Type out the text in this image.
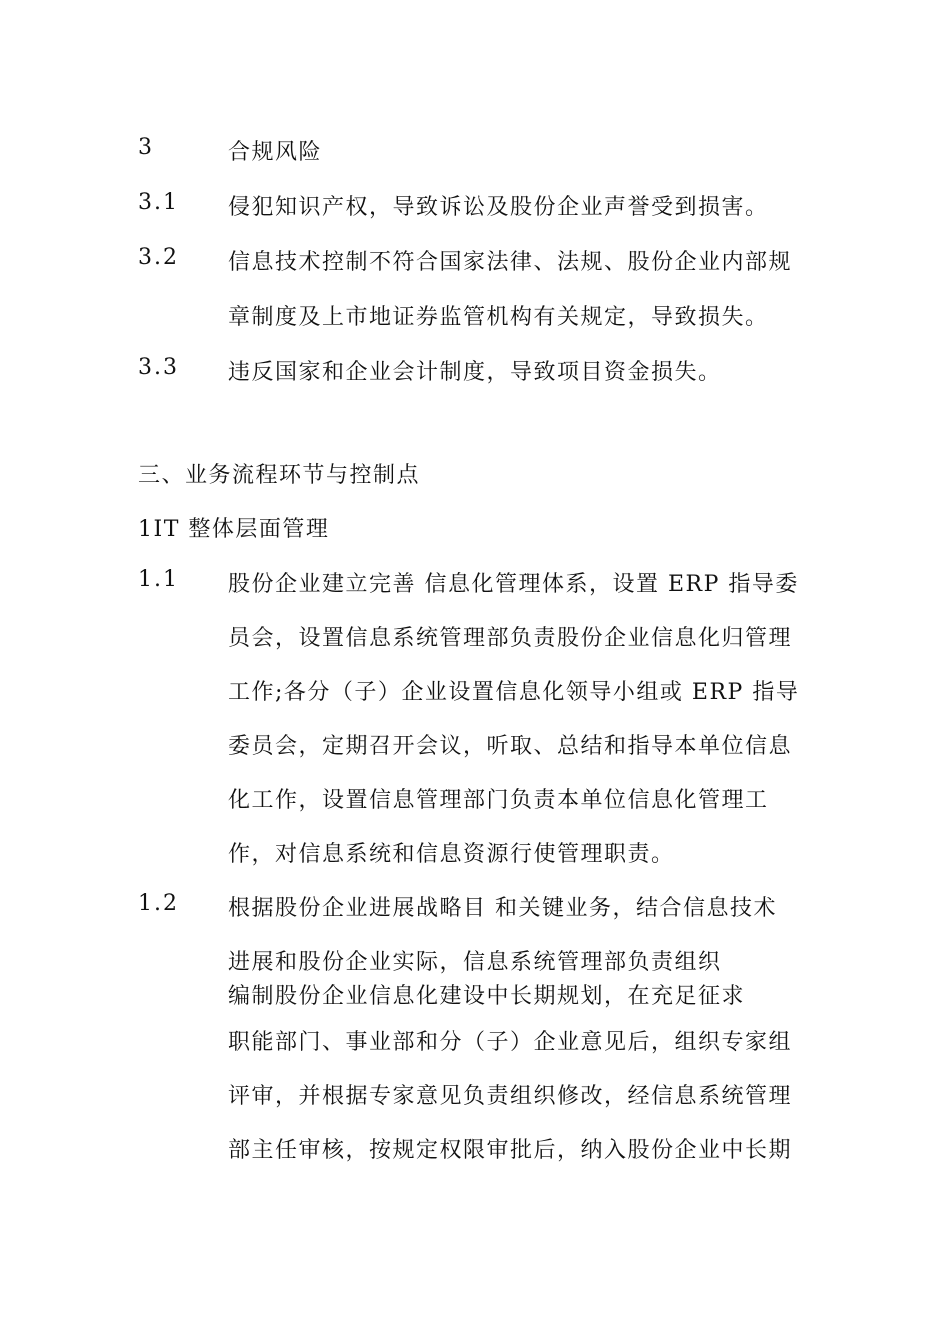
3	合规风险
3.1 侵犯知识产权，导致诉讼及股份企业声誉受到损害。
3.2 信息技术控制不符合国家法律、法规、股份企业内部规
章制度及上市地证券监管机构有关规定，导致损失。
3.3 违反国家和企业会计制度，导致项目资金损失。
三、业务流程环节与控制点
1IT 整体层面管理
1.1 股份企业建立完善 信息化管理体系，设置 ERP 指导委
员会，设置信息系统管理部负责股份企业信息化归管理
工作;各分（子）企业设置信息化领导小组或 ERP 指导
委员会，定期召开会议，听取、总结和指导本单位信息
化工作，设置信息管理部门负责本单位信息化管理工
作，对信息系统和信息资源行使管理职责。
1.2 根据股份企业进展战略目 和关键业务，结合信息技术
进展和股份企业实际，信息系统管理部负责组织
编制股份企业信息化建设中长期规划，在充足征求
职能部门、事业部和分（子）企业意见后，组织专家组
评审，并根据专家意见负责组织修改，经信息系统管理
部主任审核，按规定权限审批后，纳入股份企业中长期
